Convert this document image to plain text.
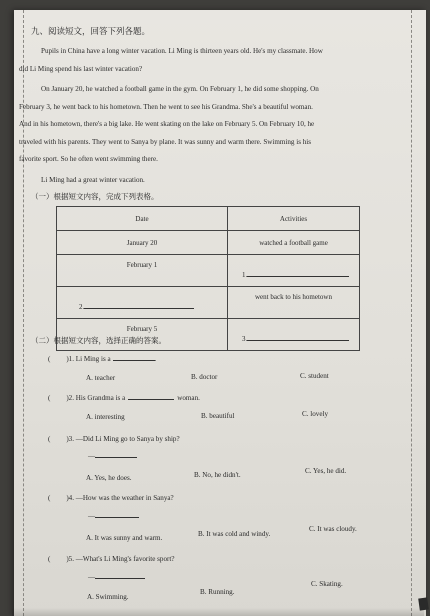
九、阅读短文，回答下列各题。
Pupils in China have a long winter vacation. Li Ming is thirteen years old. He's my classmate. How
did Li Ming spend his last winter vacation?
On January 20, he watched a football game in the gym. On February 1, he did some shopping. On
February 3, he went back to his hometown. Then he went to see his Grandma. She's a beautiful woman.
And in his hometown, there's a big lake. He went skating on the lake on February 5. On February 10, he
traveled with his parents. They went to Sanya by plane. It was sunny and warm there. Swimming is his
favorite sport. So he often went swimming there.
Li Ming had a great winter vacation.
（一）根据短文内容，完成下列表格。
Date	Activities
January 20	watched a football game
February 1	1.
2.	went back to his hometown
February 5	3.
（二）根据短文内容，选择正确的答案。
( 　　)1. Li Ming is a	.
A. teacher	B. doctor	C. student
( 　　)2. His Grandma is a	woman.
A. interesting	B. beautiful	C. lovely
( 　　)3. —Did Li Ming go to Sanya by ship?
—
A. Yes, he does.	B. No, he didn't.	C. Yes, he did.
( 　　)4. —How was the weather in Sanya?
—
A. It was sunny and warm.	B. It was cold and windy.
C. It was cloudy.
( 　　)5. —What's Li Ming's favorite sport?
—
A. Swimming.
B. Running.
C. Skating.
